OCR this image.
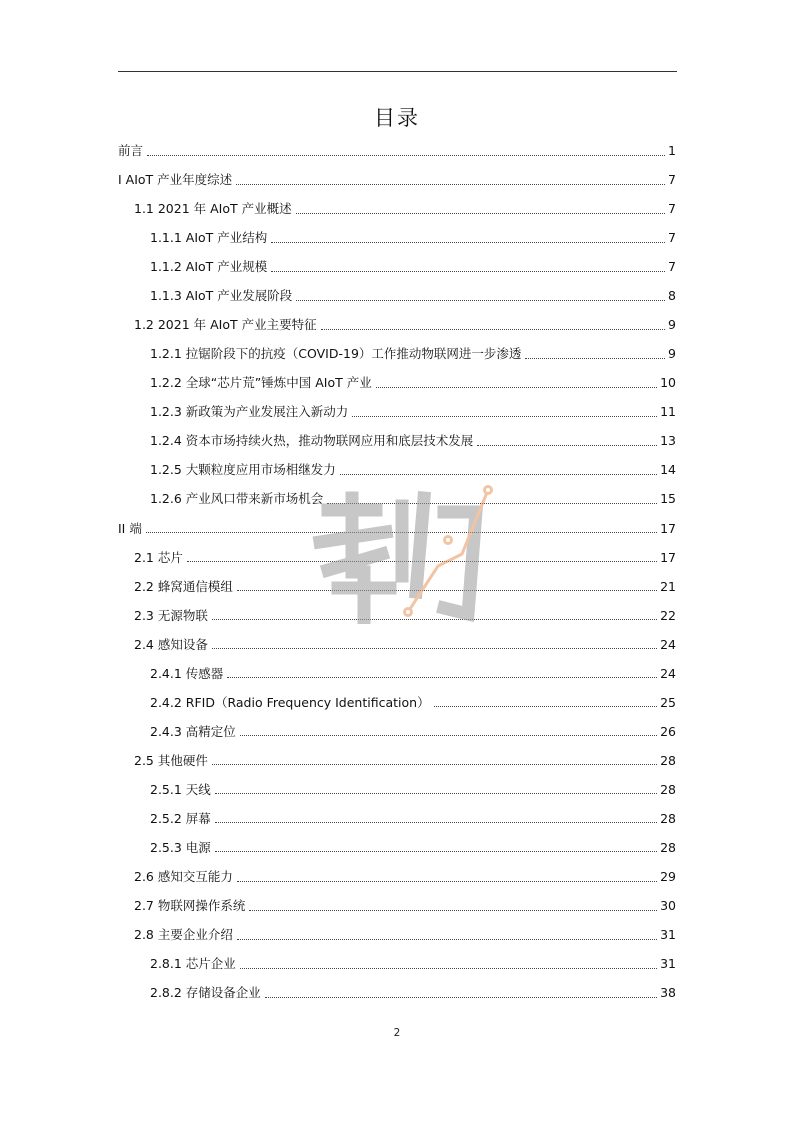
目录
前言	1
I AIoT 产业年度综述	7
1.1 2021 年 AIoT 产业概述	7
1.1.1 AIoT 产业结构	7
1.1.2 AIoT 产业规模	7
1.1.3 AIoT 产业发展阶段	8
1.2 2021 年 AIoT 产业主要特征	9
1.2.1 拉锯阶段下的抗疫（COVID-19）工作推动物联网进一步渗透	9
1.2.2 全球“芯片荒”锤炼中国 AIoT 产业	10
1.2.3 新政策为产业发展注入新动力	11
1.2.4 资本市场持续火热，推动物联网应用和底层技术发展	13
1.2.5 大颗粒度应用市场相继发力	14
1.2.6 产业风口带来新市场机会	15
II 端	17
2.1 芯片	17
2.2 蜂窝通信模组	21
2.3 无源物联	22
2.4 感知设备	24
2.4.1 传感器	24
2.4.2 RFID（Radio Frequency Identification）	25
2.4.3 高精定位	26
2.5 其他硬件	28
2.5.1 天线	28
2.5.2 屏幕	28
2.5.3 电源	28
2.6 感知交互能力	29
2.7 物联网操作系统	30
2.8 主要企业介绍	31
2.8.1 芯片企业	31
2.8.2 存储设备企业	38
2
